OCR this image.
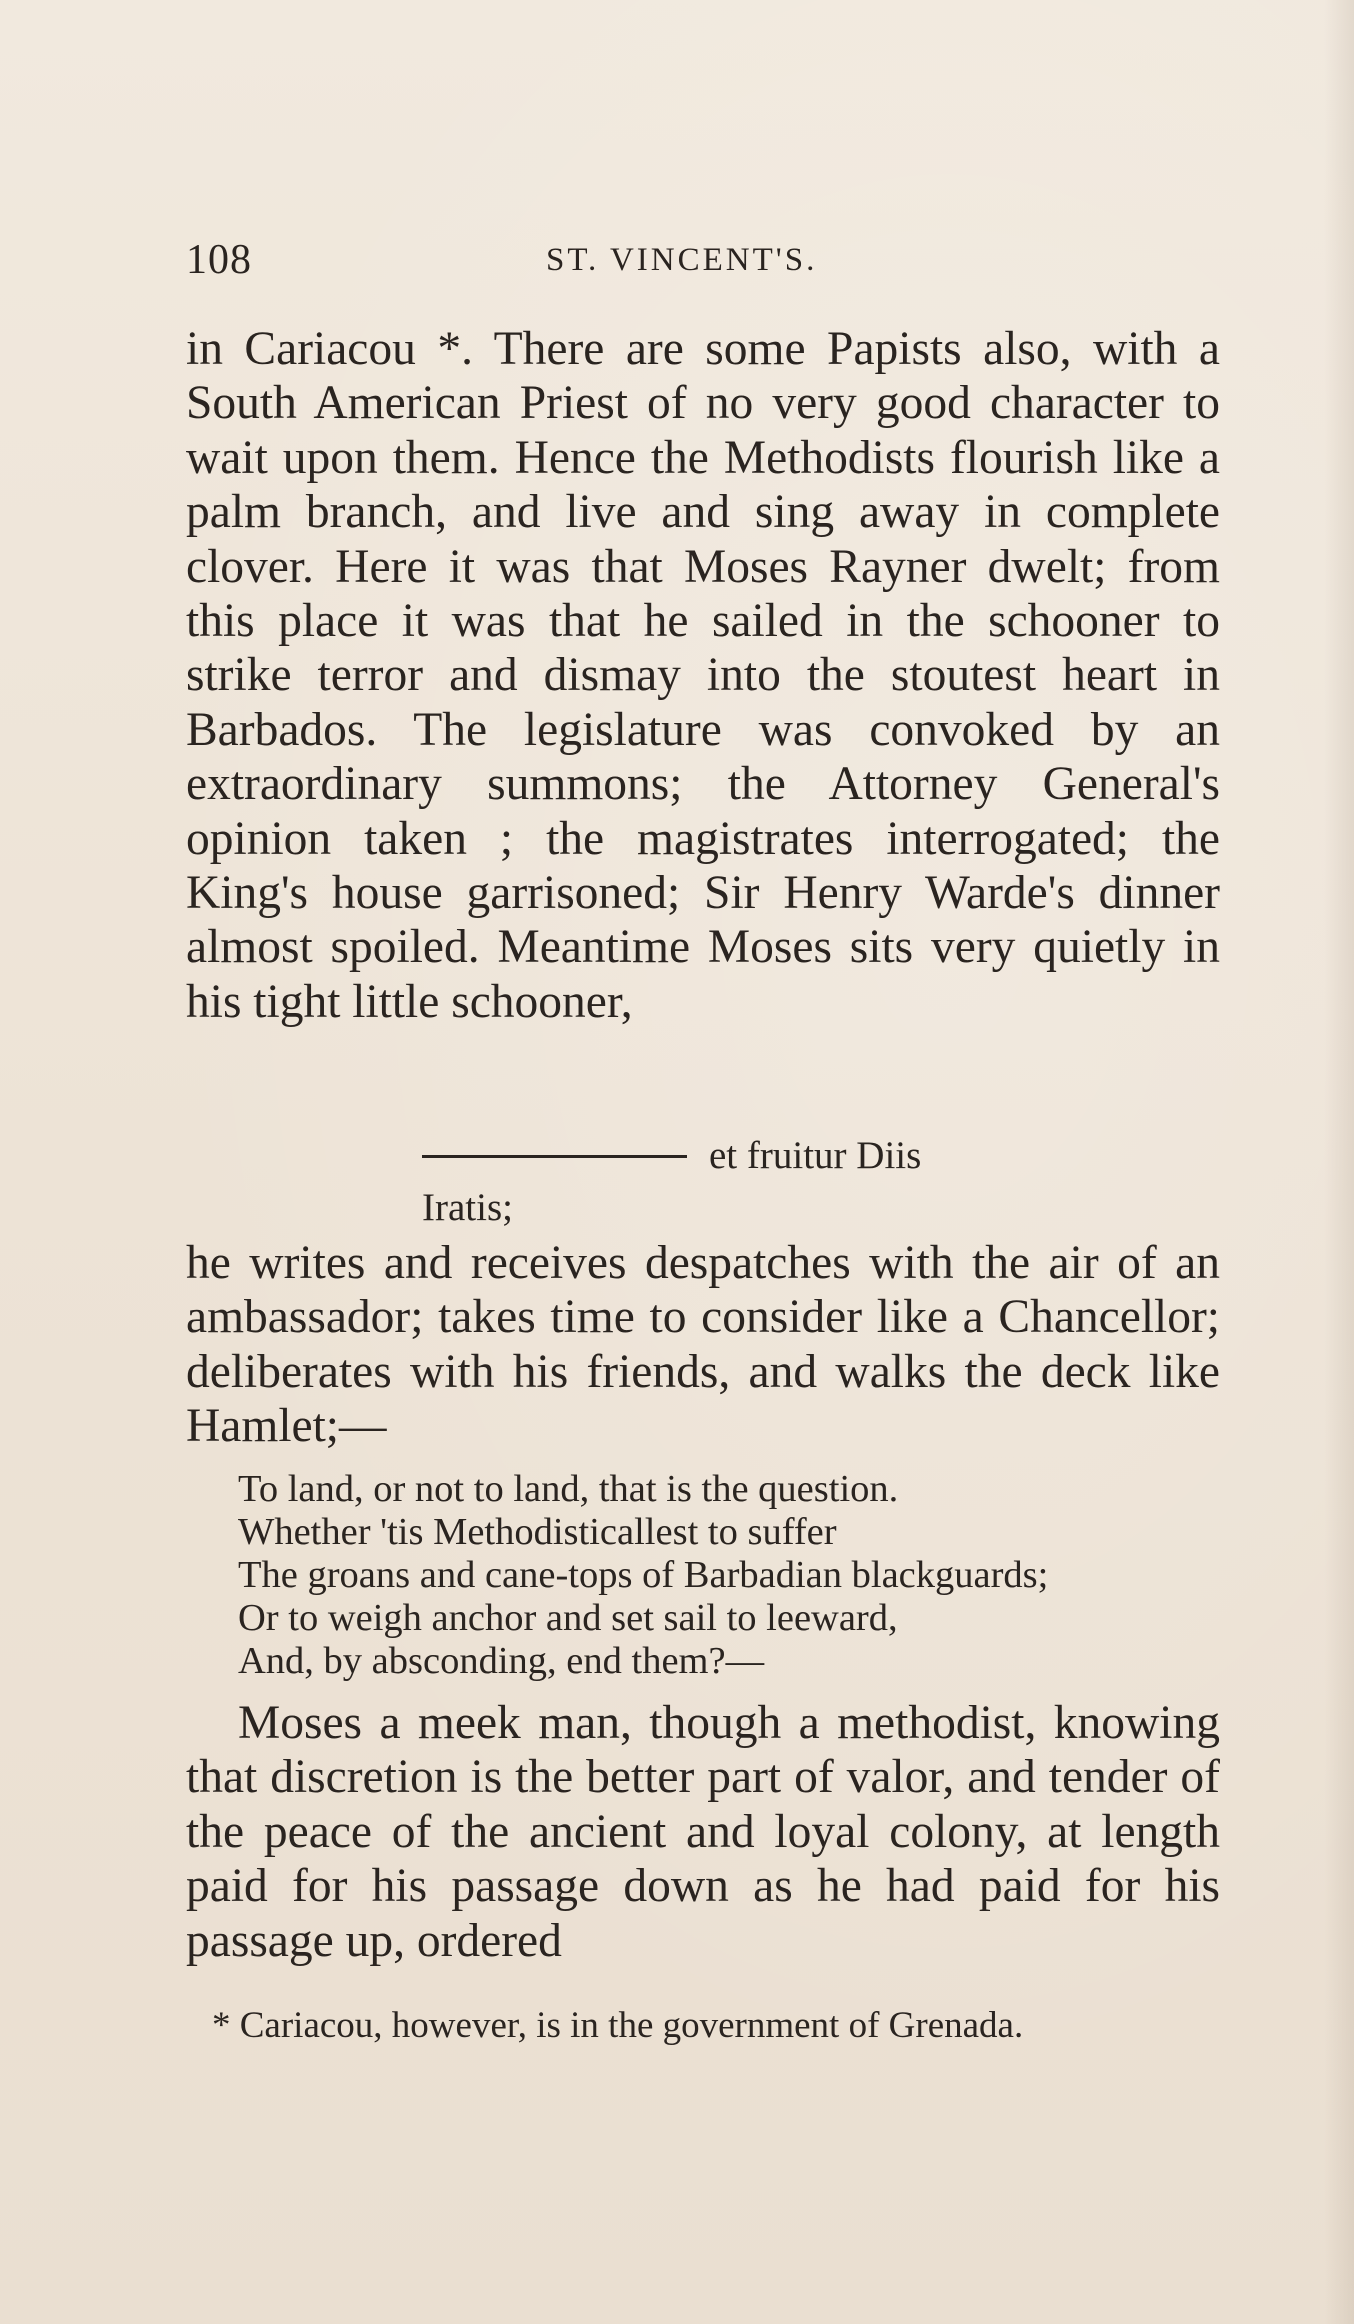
108	ST. VINCENT'S.

in Cariacou *. There are some Papists also, with a South American Priest of no very good character to wait upon them. Hence the Methodists flourish like a palm branch, and live and sing away in complete clover. Here it was that Moses Rayner dwelt; from this place it was that he sailed in the schooner to strike terror and dismay into the stoutest heart in Barbados. The legislature was convoked by an extraordinary summons; the Attorney General's opinion taken ; the magistrates interrogated; the King's house garrisoned; Sir Henry Warde's dinner almost spoiled. Meantime Moses sits very quietly in his tight little schooner,

et fruitur Diis
Iratis;

he writes and receives despatches with the air of an ambassador; takes time to consider like a Chancellor; deliberates with his friends, and walks the deck like Hamlet;—

To land, or not to land, that is the question.
Whether 'tis Methodisticallest to suffer
The groans and cane-tops of Barbadian blackguards;
Or to weigh anchor and set sail to leeward,
And, by absconding, end them?—

Moses a meek man, though a methodist, knowing that discretion is the better part of valor, and tender of the peace of the ancient and loyal colony, at length paid for his passage down as he had paid for his passage up, ordered

* Cariacou, however, is in the government of Grenada.
